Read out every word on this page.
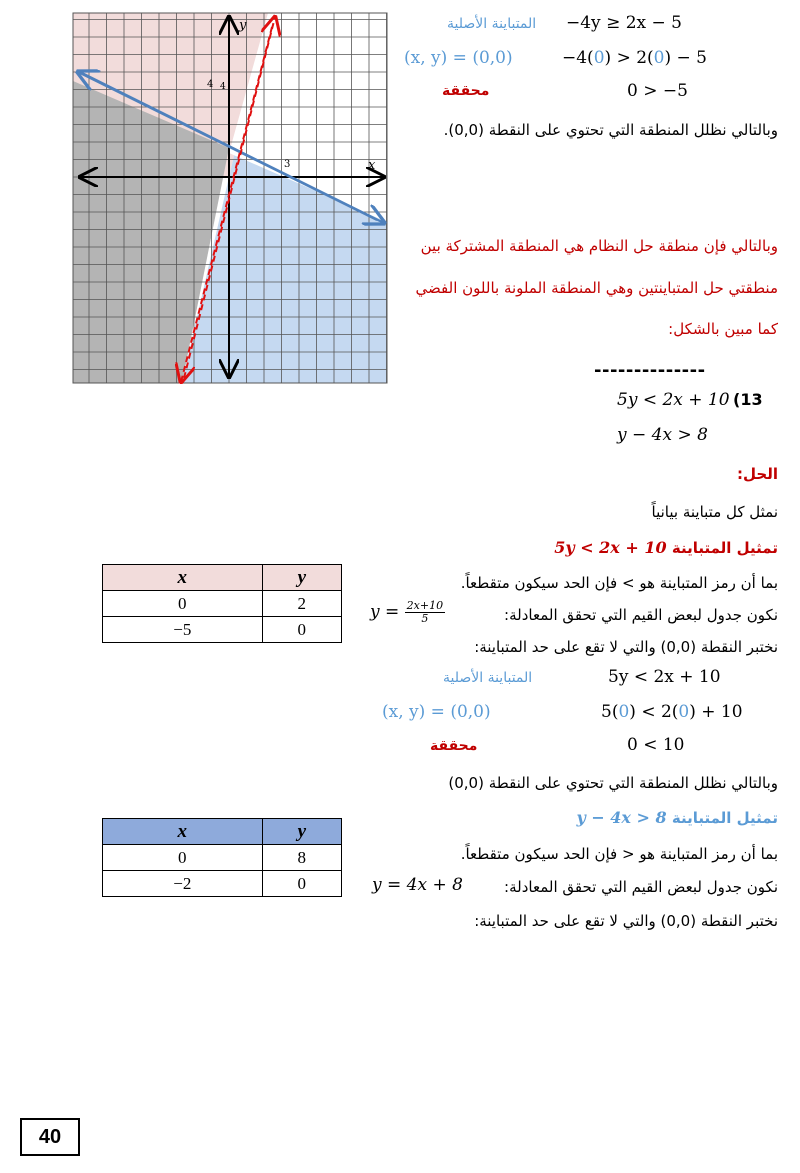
y
x
4 4
3
−4y ≥ 2x − 5
المتباينة الأصلية
(x, y) = (0,0)	−4(0) > 2(0) − 5
محققة	0 > −5
وبالتالي نظلل المنطقة التي تحتوي على النقطة (0,0).
وبالتالي فإن منطقة حل النظام هي المنطقة المشتركة بين
منطقتي حل المتباينتين وهي المنطقة الملونة باللون الفضي
كما مبين بالشكل:
--------------
(13
5y < 2x + 10
y − 4x > 8
الحل:
نمثل كل متباينة بيانياً
تمثيل المتباينة 5y < 2x + 10
بما أن رمز المتباينة هو > فإن الحد سيكون متقطعاً.
نكون جدول لبعض القيم التي تحقق المعادلة:
$y = \frac{2x+10}{5}$
نختبر النقطة (0,0) والتي لا تقع على حد المتباينة:
5y < 2x + 10
المتباينة الأصلية
(x, y) = (0,0)	5(0) < 2(0) + 10
محققة	0 < 10
وبالتالي نظلل المنطقة التي تحتوي على النقطة (0,0)
تمثيل المتباينة y − 4x > 8
بما أن رمز المتباينة هو < فإن الحد سيكون متقطعاً.
نكون جدول لبعض القيم التي تحقق المعادلة:
y = 4x + 8
نختبر النقطة (0,0) والتي لا تقع على حد المتباينة:
x	y
0	2
−5	0
x	y
0	8
−2	0
40
